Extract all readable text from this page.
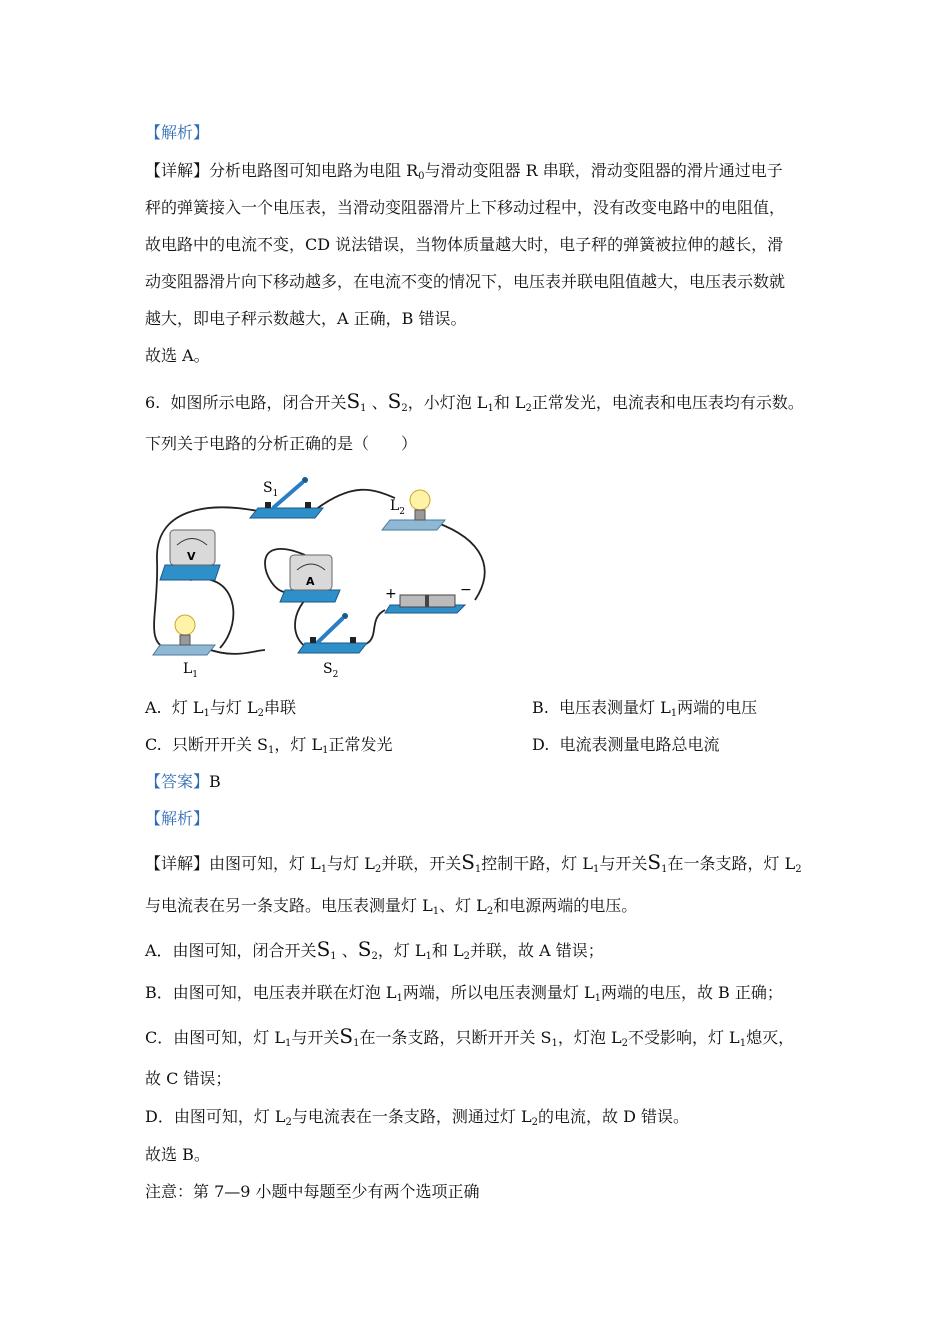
【解析】
【详解】分析电路图可知电路为电阻 $R_0$与滑动变阻器 R 串联，滑动变阻器的滑片通过电子
秤的弹簧接入一个电压表，当滑动变阻器滑片上下移动过程中，没有改变电路中的电阻值，
故电路中的电流不变，CD 说法错误，当物体质量越大时，电子秤的弹簧被拉伸的越长，滑
动变阻器滑片向下移动越多，在电流不变的情况下，电压表并联电阻值越大，电压表示数就
越大，即电子秤示数越大，A 正确，B 错误。
故选 A。
6. 如图所示电路，闭合开关$S_1$ 、$S_2$，小灯泡 $L_1$和 $L_2$正常发光，电流表和电压表均有示数。
下列关于电路的分析正确的是（　　）
$S_1$
$L_2$
V
A
+	−
$L_1$	$S_2$
A. 灯 $L_1$与灯 $L_2$串联	B. 电压表测量灯 $L_1$两端的电压
C. 只断开开关 $S_1$，灯 $L_1$正常发光	D. 电流表测量电路总电流
【答案】B
【解析】
【详解】由图可知，灯 $L_1$与灯 $L_2$并联，开关$S_1$控制干路，灯 $L_1$与开关$S_1$在一条支路，灯 $L_2$
与电流表在另一条支路。电压表测量灯 $L_1$、灯 $L_2$和电源两端的电压。
A．由图可知，闭合开关$S_1$ 、$S_2$，灯 $L_1$和 $L_2$并联，故 A 错误；
B．由图可知，电压表并联在灯泡 $L_1$两端，所以电压表测量灯 $L_1$两端的电压，故 B 正确；
C．由图可知，灯 $L_1$与开关$S_1$在一条支路，只断开开关 $S_1$，灯泡 $L_2$不受影响，灯 $L_1$熄灭，
故 C 错误；
D．由图可知，灯 $L_2$与电流表在一条支路，测通过灯 $L_2$的电流，故 D 错误。
故选 B。
注意：第 7—9 小题中每题至少有两个选项正确
